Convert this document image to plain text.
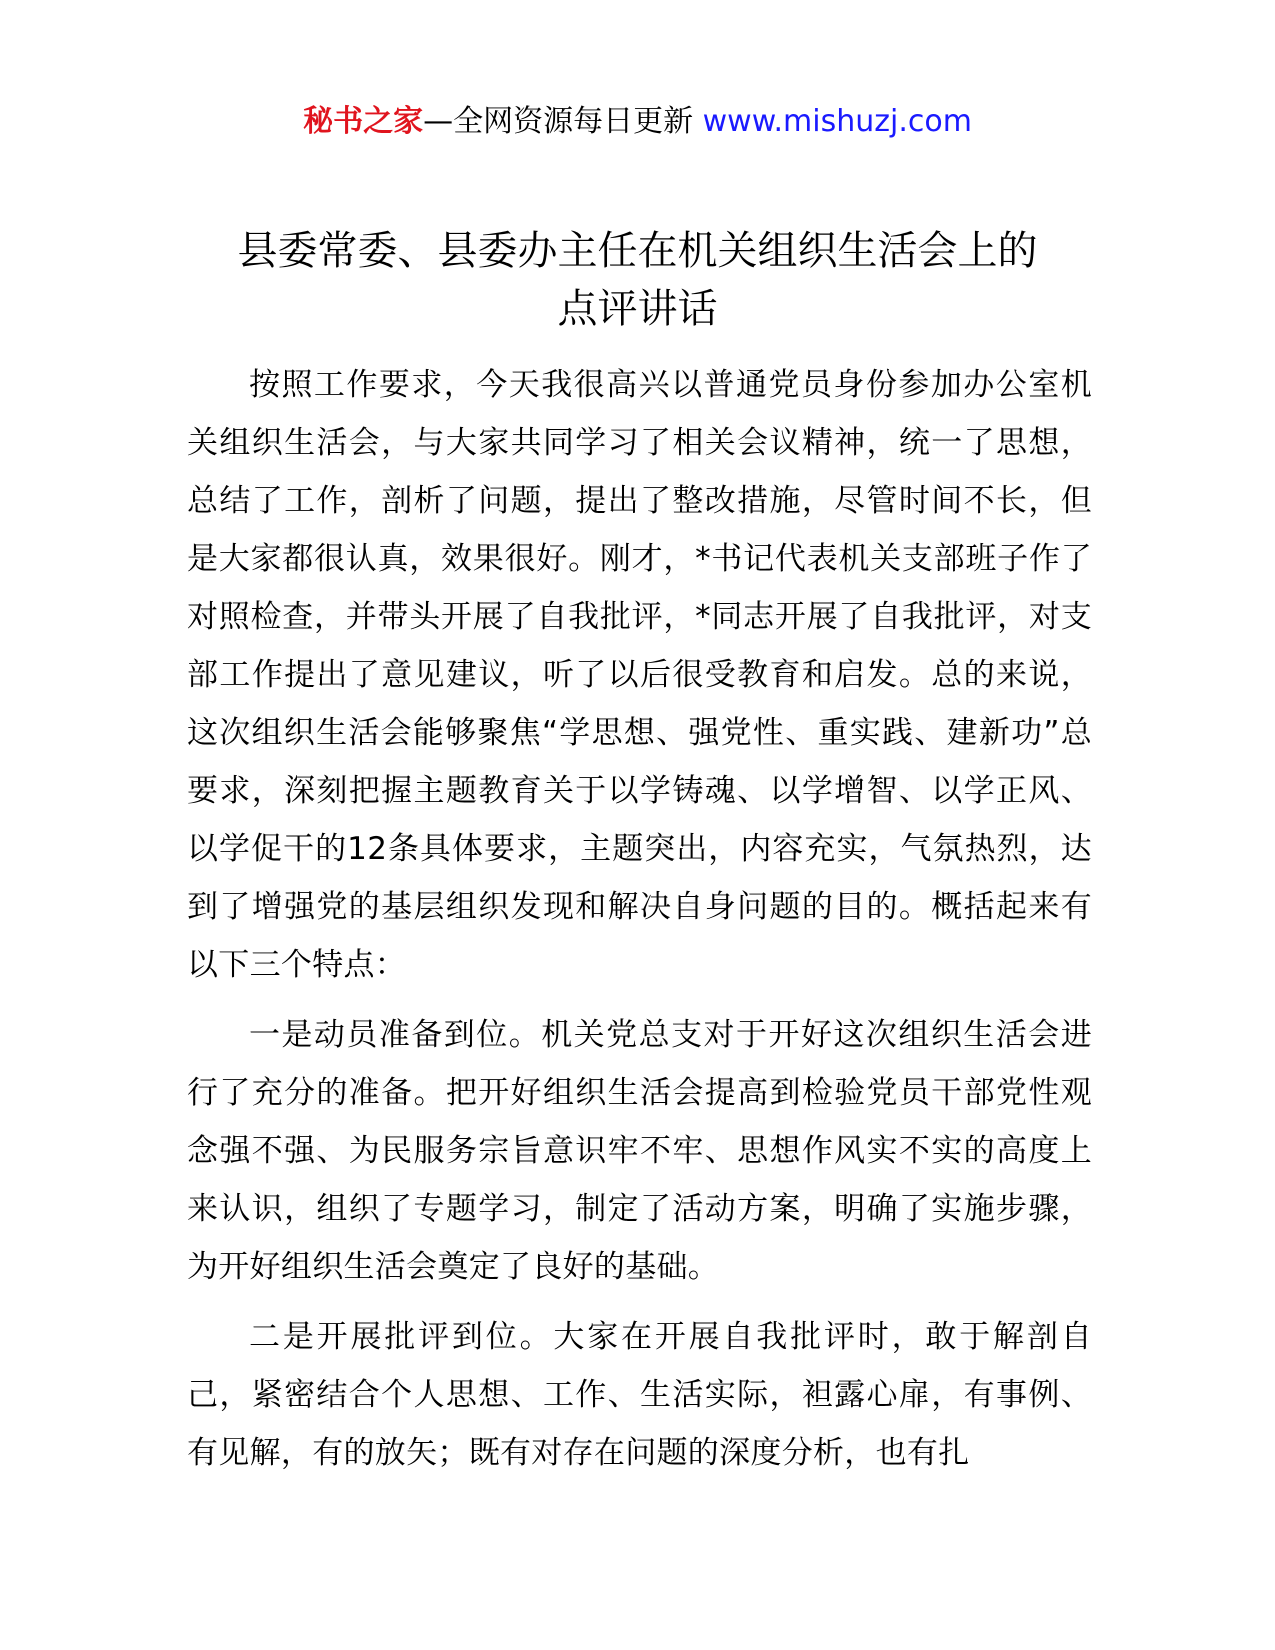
秘书之家—全网资源每日更新 www.mishuzj.com
县委常委、县委办主任在机关组织生活会上的
点评讲话

按照工作要求，今天我很高兴以普通党员身份参加办公室机关组织生活会，与大家共同学习了相关会议精神，统一了思想，总结了工作，剖析了问题，提出了整改措施，尽管时间不长，但是大家都很认真，效果很好。刚才，*书记代表机关支部班子作了对照检查，并带头开展了自我批评，*同志开展了自我批评，对支部工作提出了意见建议，听了以后很受教育和启发。总的来说，这次组织生活会能够聚焦“学思想、强党性、重实践、建新功”总要求，深刻把握主题教育关于以学铸魂、以学增智、以学正风、以学促干的12条具体要求，主题突出，内容充实，气氛热烈，达到了增强党的基层组织发现和解决自身问题的目的。概括起来有以下三个特点：

一是动员准备到位。机关党总支对于开好这次组织生活会进行了充分的准备。把开好组织生活会提高到检验党员干部党性观念强不强、为民服务宗旨意识牢不牢、思想作风实不实的高度上来认识，组织了专题学习，制定了活动方案，明确了实施步骤，为开好组织生活会奠定了良好的基础。

二是开展批评到位。大家在开展自我批评时，敢于解剖自己，紧密结合个人思想、工作、生活实际，袒露心扉，有事例、有见解，有的放矢；既有对存在问题的深度分析，也有扎
